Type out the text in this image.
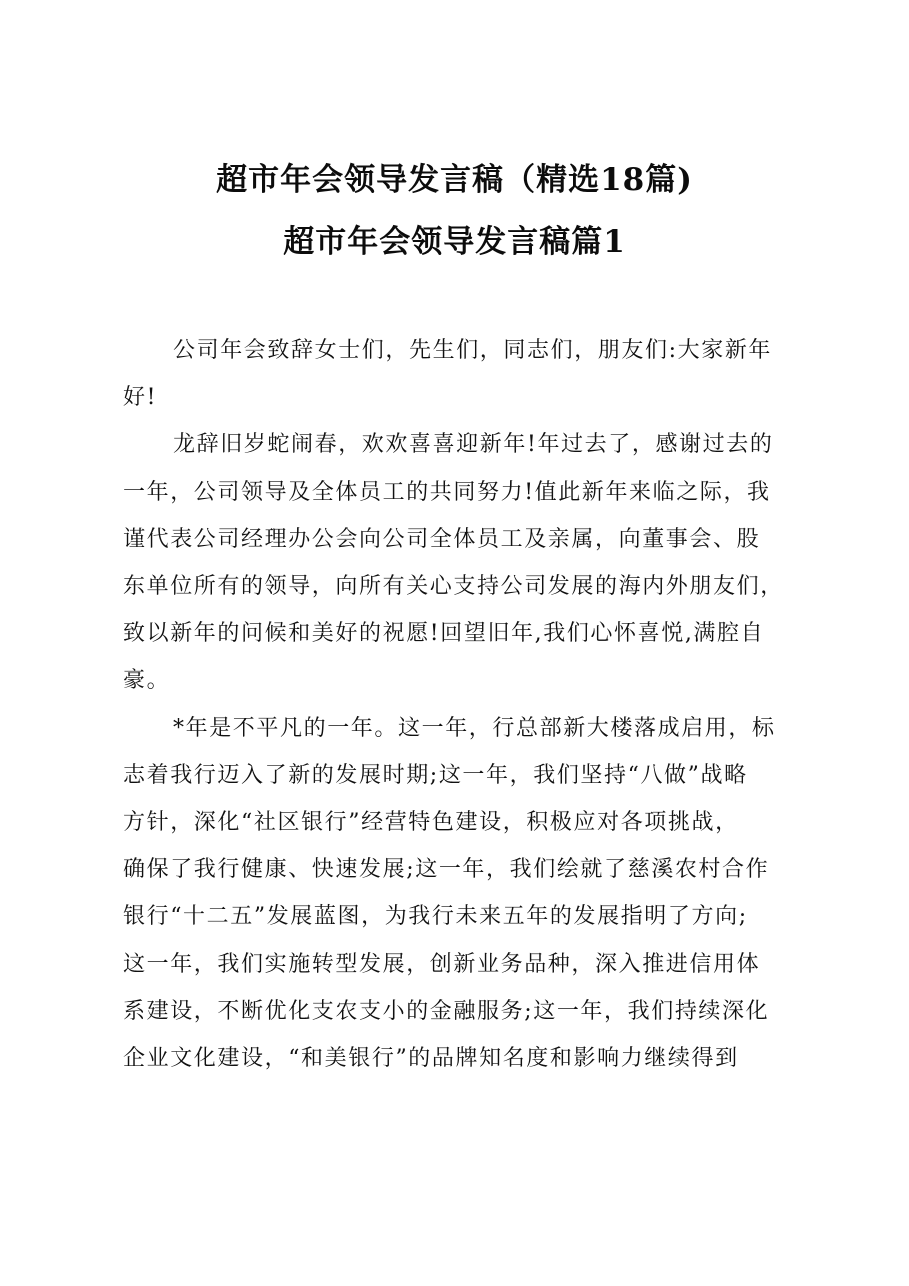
超市年会领导发言稿（精选18篇)
超市年会领导发言稿篇1

公司年会致辞女士们，先生们，同志们，朋友们:大家新年
好!

龙辞旧岁蛇闹春，欢欢喜喜迎新年!年过去了，感谢过去的
一年，公司领导及全体员工的共同努力!值此新年来临之际，我
谨代表公司经理办公会向公司全体员工及亲属，向董事会、股
东单位所有的领导，向所有关心支持公司发展的海内外朋友们，
致以新年的问候和美好的祝愿!回望旧年,我们心怀喜悦,满腔自
豪。

*年是不平凡的一年。这一年，行总部新大楼落成启用，标
志着我行迈入了新的发展时期;这一年，我们坚持“八做”战略
方针，深化“社区银行”经营特色建设，积极应对各项挑战，
确保了我行健康、快速发展;这一年，我们绘就了慈溪农村合作
银行“十二五”发展蓝图，为我行未来五年的发展指明了方向;
这一年，我们实施转型发展，创新业务品种，深入推进信用体
系建设，不断优化支农支小的金融服务;这一年，我们持续深化
企业文化建设，“和美银行”的品牌知名度和影响力继续得到
